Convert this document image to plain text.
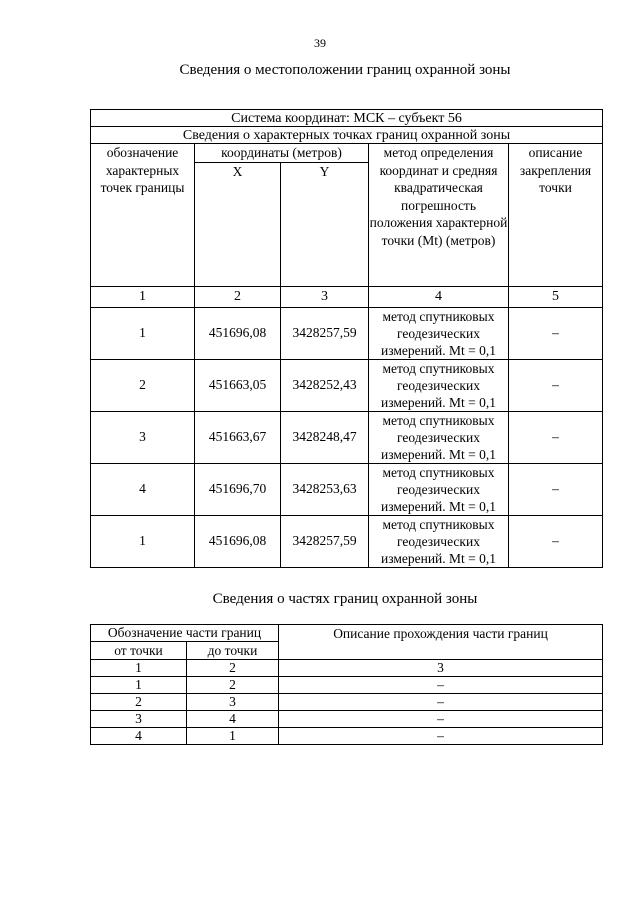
39
Сведения о местоположении границ охранной зоны
Система координат: МСК – субъект 56				
Сведения о характерных точках границ охранной зоны				
обозначение характерных точек границы	координаты (метров)		метод определения координат и средняя квадратическая погрешность положения характерной точки (Mt) (метров)	описание закрепления точки
	X	Y		
1	2	3	4	5
1	451696,08	3428257,59	метод спутниковых геодезических измерений. Mt = 0,1	–
2	451663,05	3428252,43	метод спутниковых геодезических измерений. Mt = 0,1	–
3	451663,67	3428248,47	метод спутниковых геодезических измерений. Mt = 0,1	–
4	451696,70	3428253,63	метод спутниковых геодезических измерений. Mt = 0,1	–
1	451696,08	3428257,59	метод спутниковых геодезических измерений. Mt = 0,1	–
Сведения о частях границ охранной зоны
Обозначение части границ		Описание прохождения части границ
от точки	до точки	
1	2	3
1	2	–
2	3	–
3	4	–
4	1	–
